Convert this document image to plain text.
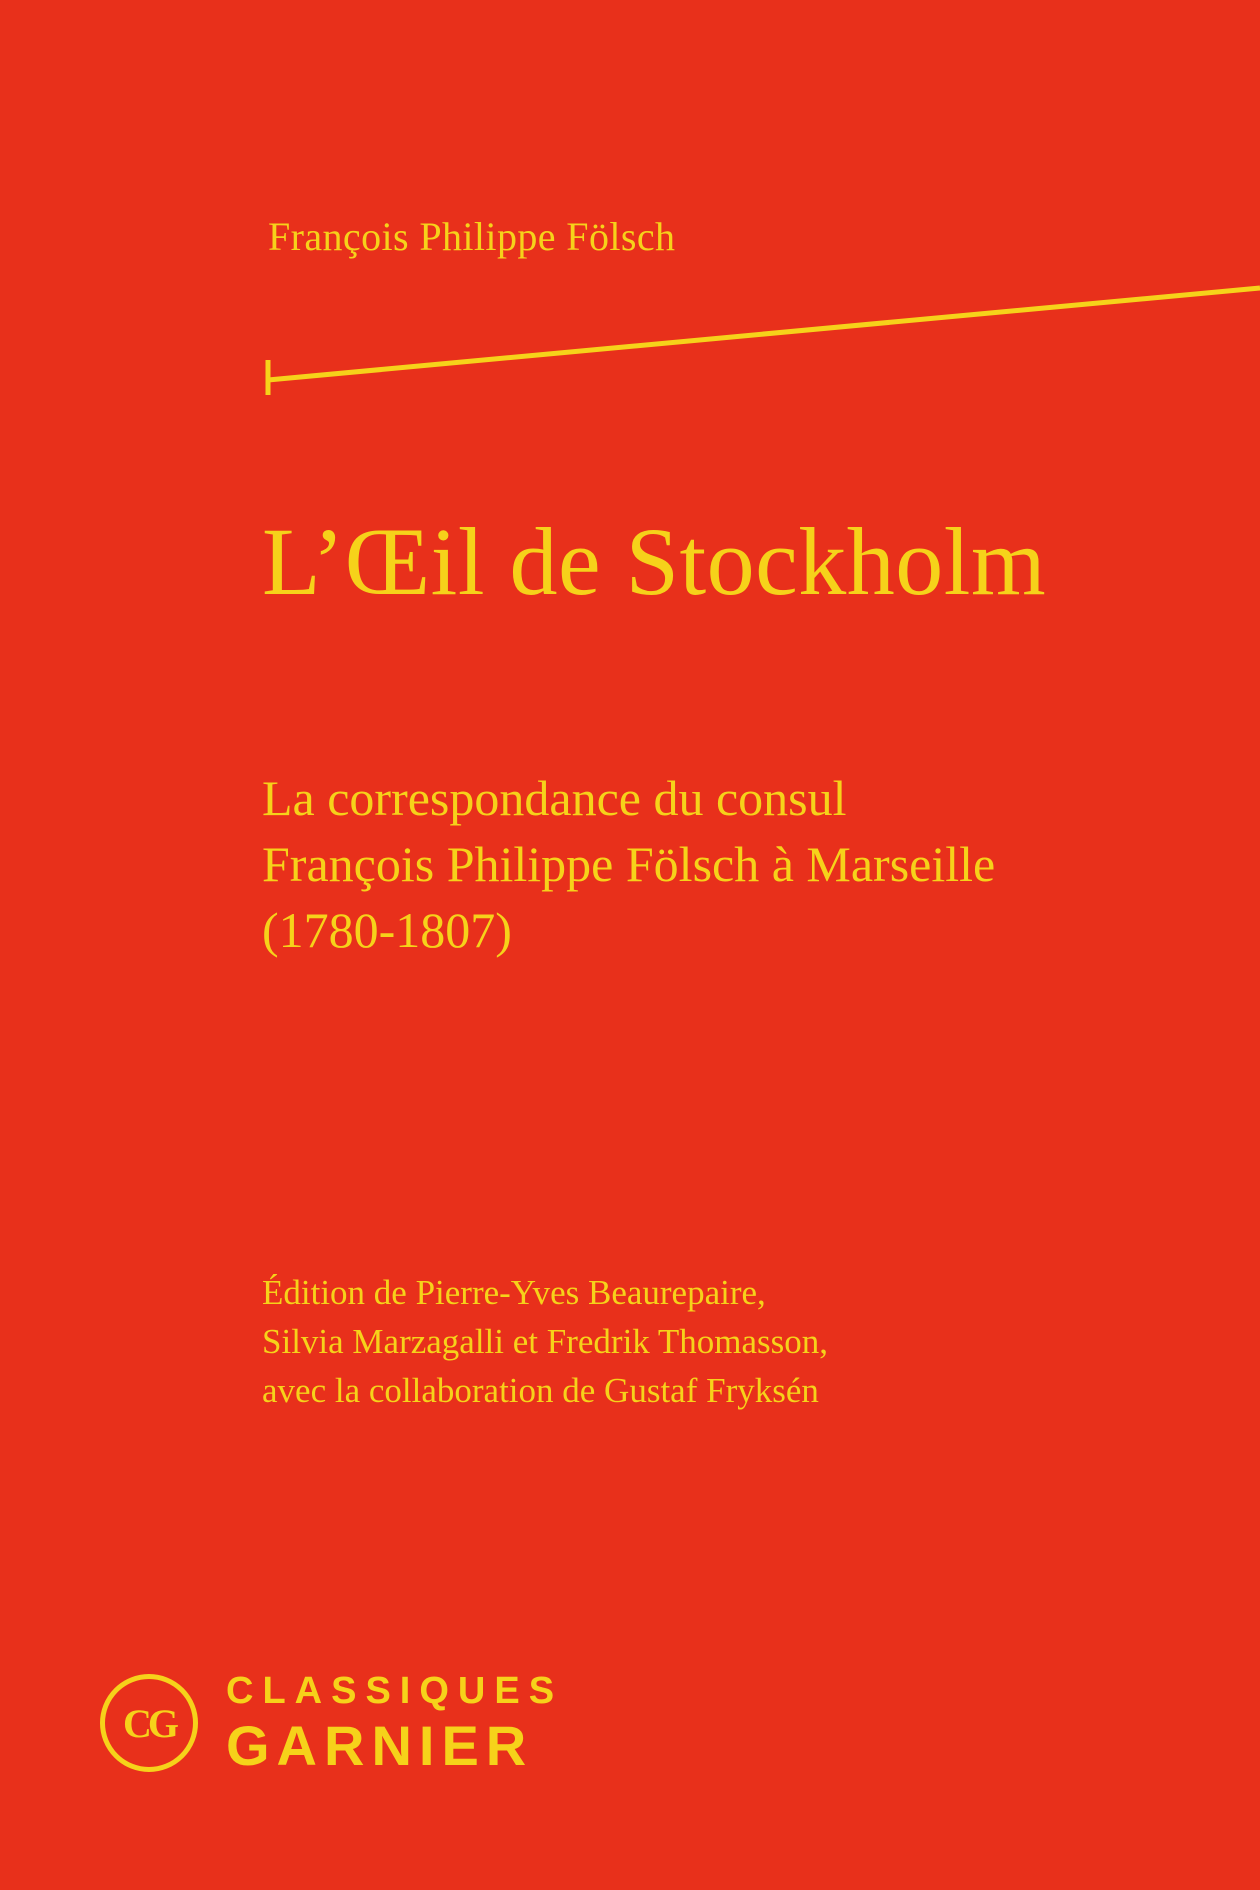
François Philippe Fölsch
L’Œil de Stockholm
La correspondance du consul
François Philippe Fölsch à Marseille
(1780-1807)
Édition de Pierre-Yves Beaurepaire,
Silvia Marzagalli et Fredrik Thomasson,
avec la collaboration de Gustaf Fryksén
CG
CLASSIQUES
GARNIER
